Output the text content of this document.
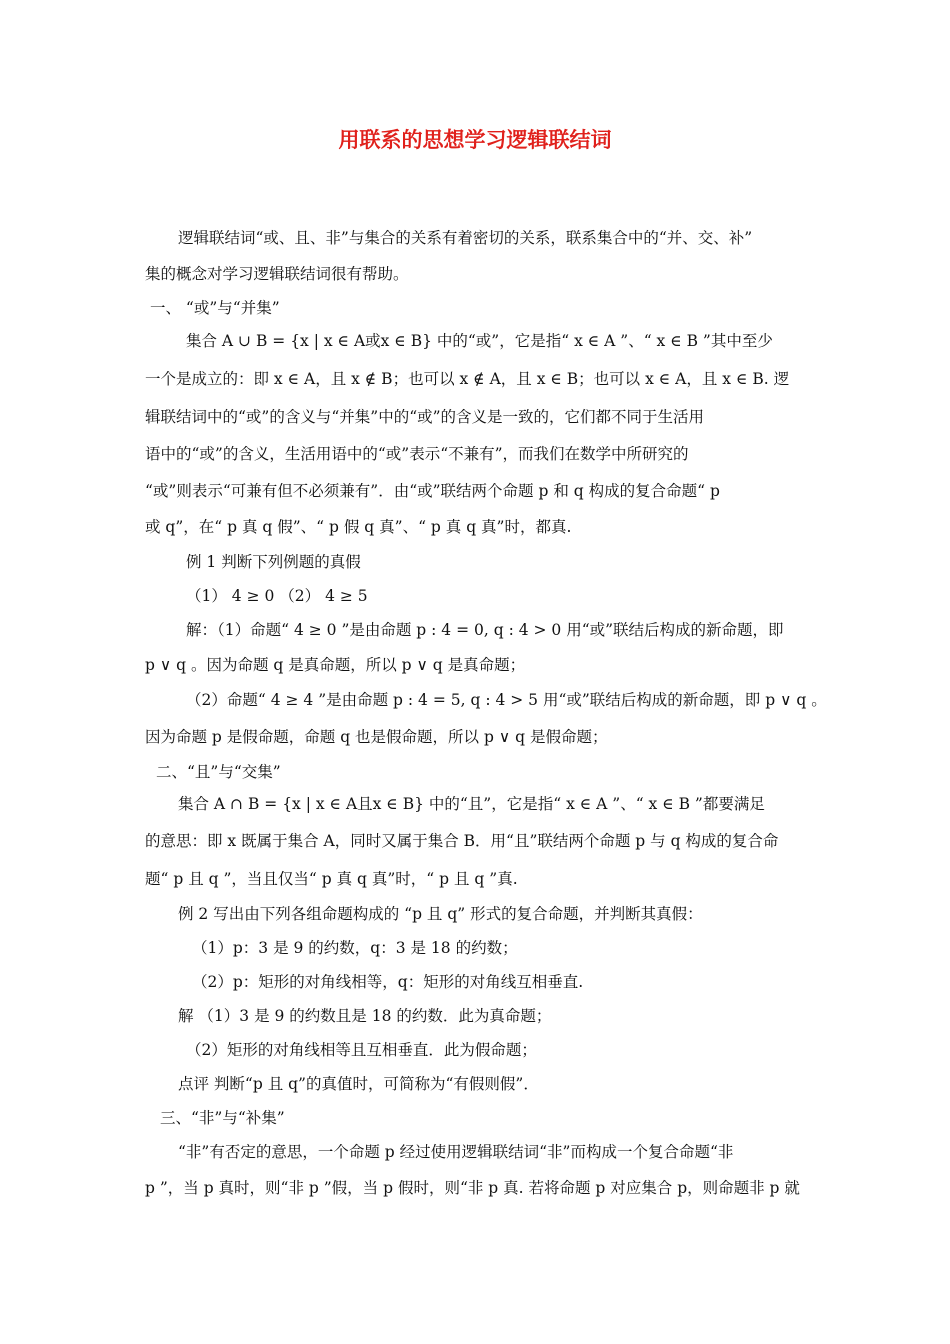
用联系的思想学习逻辑联结词
逻辑联结词“或、且、非”与集合的关系有着密切的关系，联系集合中的“并、交、补”
集的概念对学习逻辑联结词很有帮助。
一、 “或”与“并集”
集合 A ∪ B = {x | x ∈ A或x ∈ B} 中的“或”，它是指“ x ∈ A ”、“ x ∈ B ”其中至少
一个是成立的：即 x ∈ A，且 x ∉ B；也可以 x ∉ A，且 x ∈ B；也可以 x ∈ A，且 x ∈ B. 逻
辑联结词中的“或”的含义与“并集”中的“或”的含义是一致的，它们都不同于生活用
语中的“或”的含义，生活用语中的“或”表示“不兼有”，而我们在数学中所研究的
“或”则表示“可兼有但不必须兼有”．由“或”联结两个命题 p 和 q 构成的复合命题“ p
或 q”，在“ p 真 q 假”、“ p 假 q 真”、“ p 真 q 真”时，都真.
例 1 判断下列例题的真假
（1） 4 ≥ 0 （2） 4 ≥ 5
解：（1）命题“ 4 ≥ 0 ”是由命题 p : 4 = 0, q : 4 > 0 用“或”联结后构成的新命题，即
p ∨ q 。因为命题 q 是真命题，所以 p ∨ q 是真命题；
（2）命题“ 4 ≥ 4 ”是由命题 p : 4 = 5, q : 4 > 5 用“或”联结后构成的新命题，即 p ∨ q 。
因为命题 p 是假命题，命题 q 也是假命题，所以 p ∨ q 是假命题；
二、“且”与“交集”
集合 A ∩ B = {x | x ∈ A且x ∈ B} 中的“且”，它是指“ x ∈ A ”、“ x ∈ B ”都要满足
的意思：即 x 既属于集合 A，同时又属于集合 B．用“且”联结两个命题 p 与 q 构成的复合命
题“ p 且 q ”，当且仅当“ p 真 q 真”时，“ p 且 q ”真.
例 2 写出由下列各组命题构成的 “p 且 q” 形式的复合命题，并判断其真假：
（1）p：3 是 9 的约数，q：3 是 18 的约数；
（2）p：矩形的对角线相等，q：矩形的对角线互相垂直.
解 （1）3 是 9 的约数且是 18 的约数．此为真命题；
（2）矩形的对角线相等且互相垂直．此为假命题；
点评 判断“p 且 q”的真值时，可简称为“有假则假”．
三、“非”与“补集”
“非”有否定的意思，一个命题 p 经过使用逻辑联结词“非”而构成一个复合命题“非
p ”，当 p 真时，则“非 p ”假，当 p 假时，则“非 p 真. 若将命题 p 对应集合 p，则命题非 p 就
